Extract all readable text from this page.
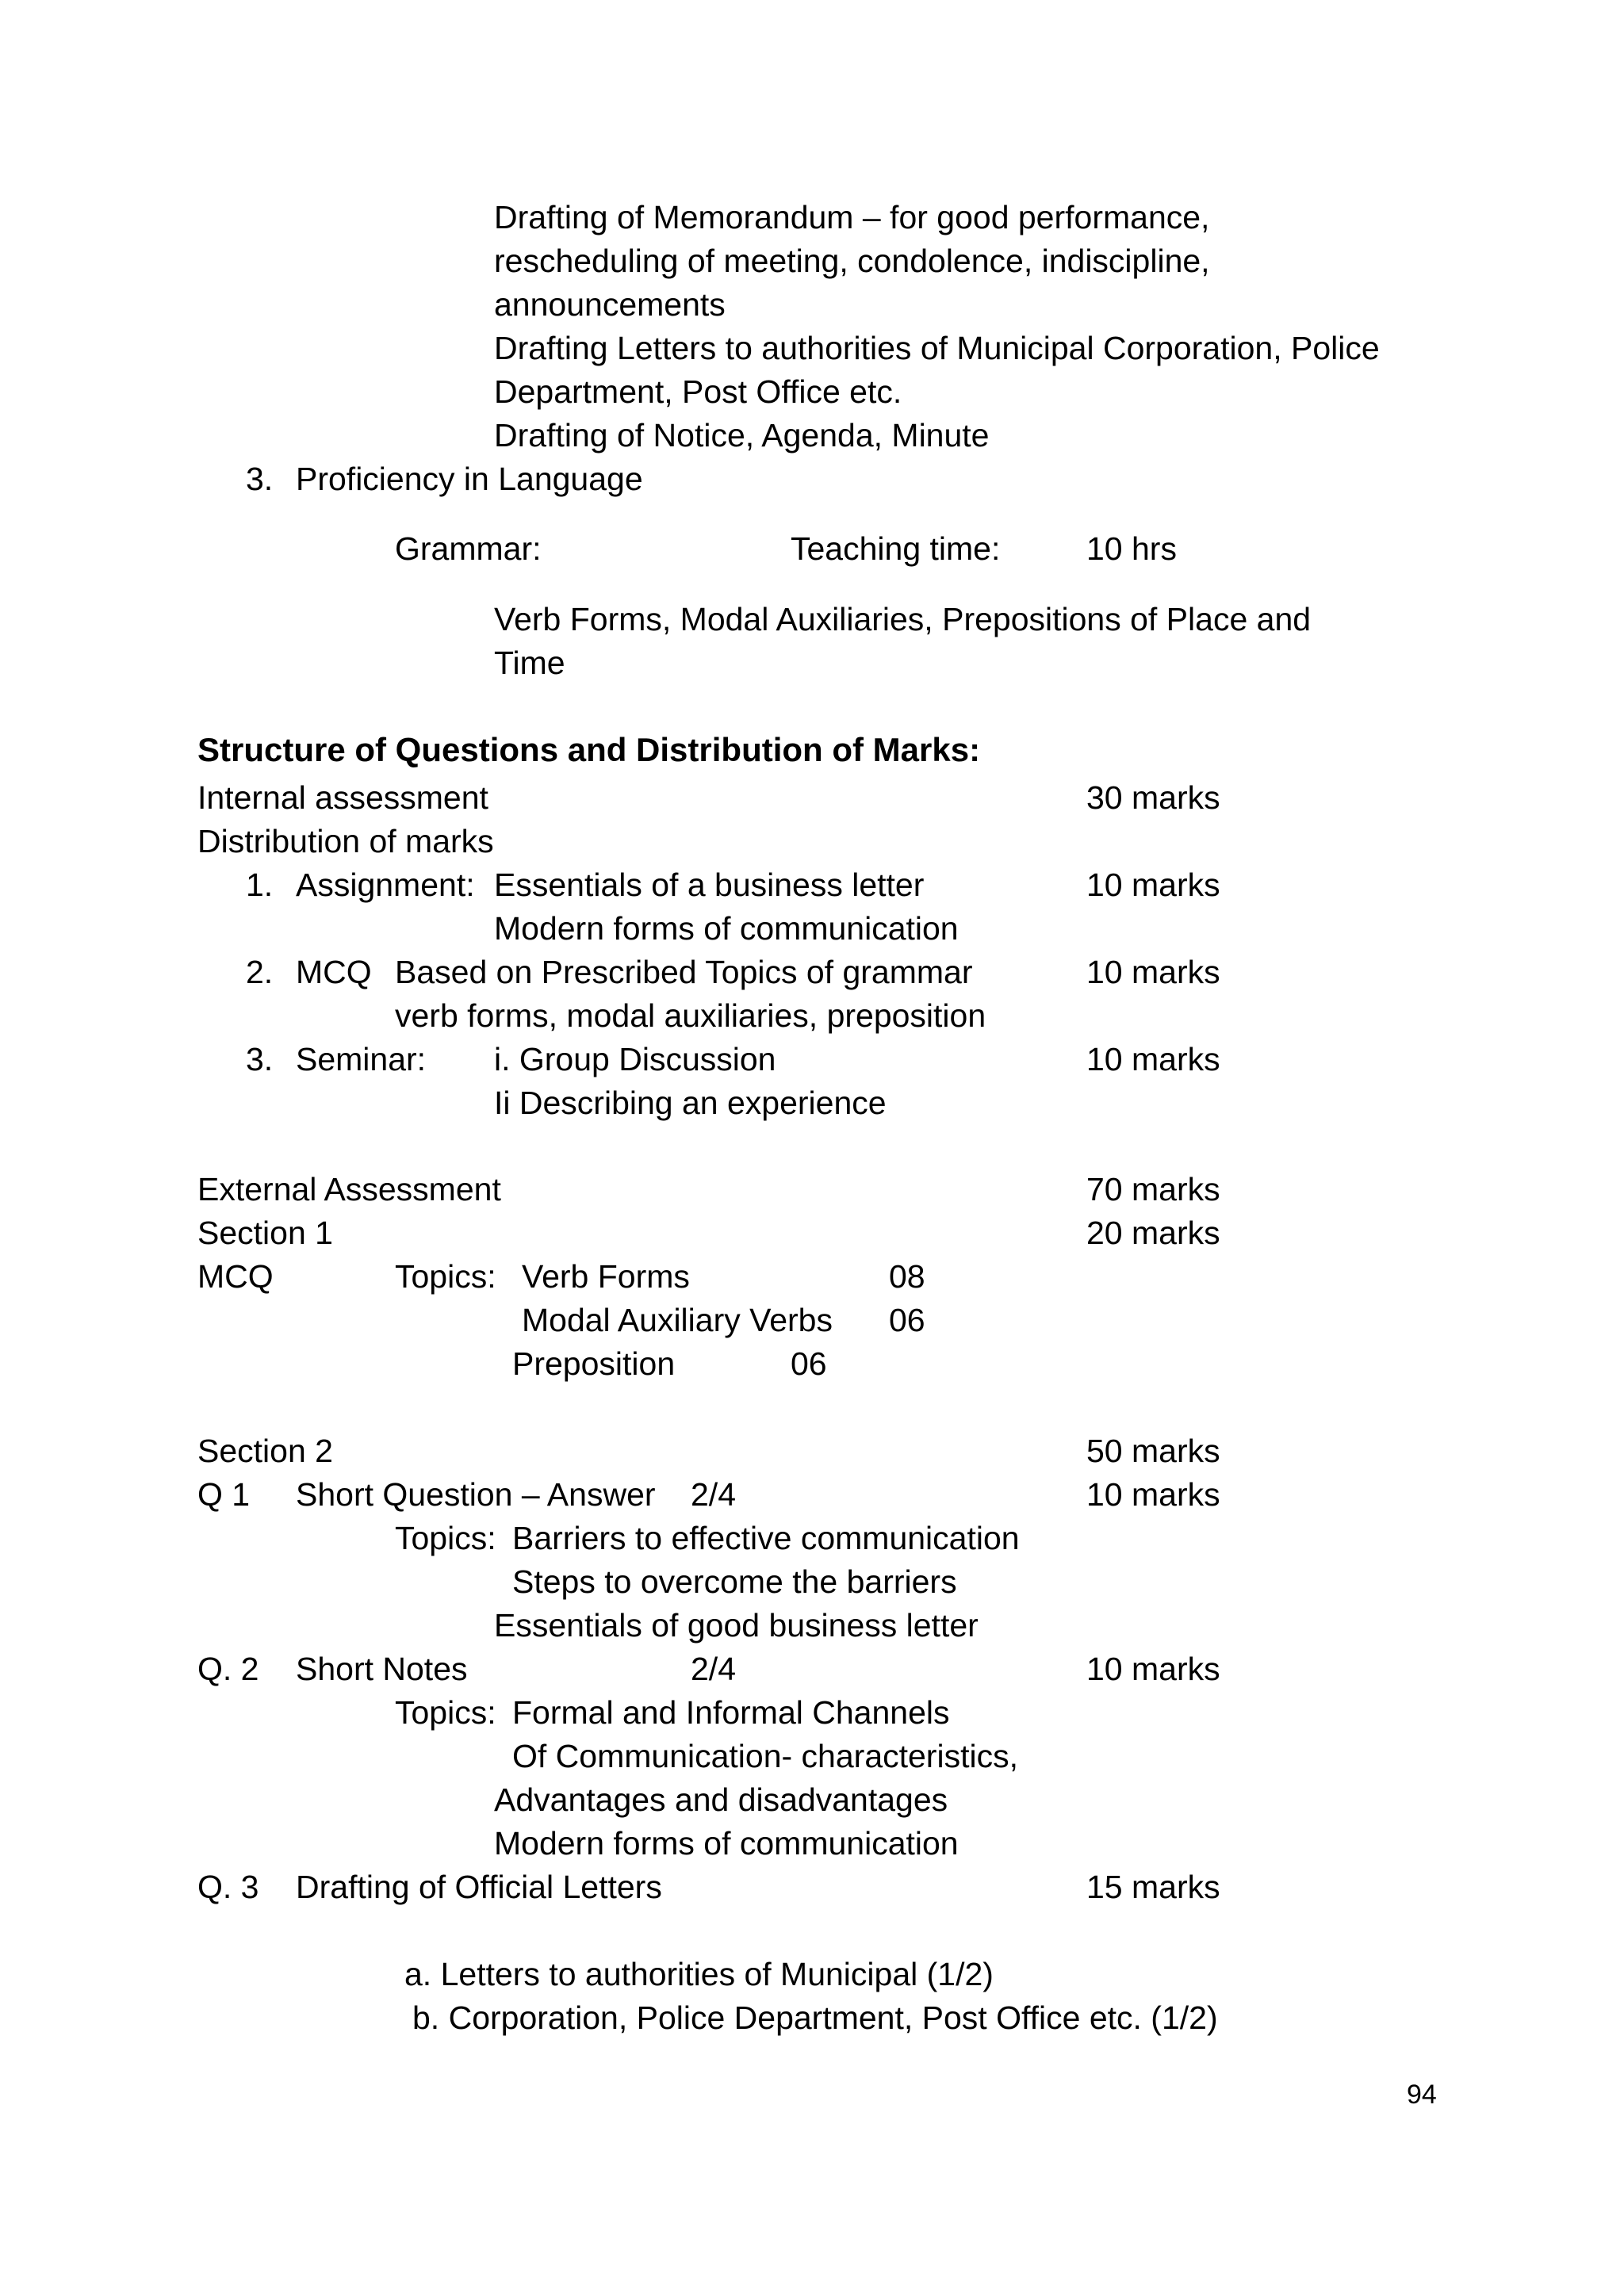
Drafting of Memorandum – for good performance,
rescheduling of meeting, condolence, indiscipline,
announcements
Drafting Letters to authorities of Municipal Corporation, Police
Department, Post Office etc.
Drafting of Notice, Agenda, Minute
3. Proficiency in Language
Grammar:	Teaching time:	10 hrs
Verb Forms, Modal Auxiliaries, Prepositions of Place and
Time
Structure of Questions and Distribution of Marks:
Internal assessment	30 marks
Distribution of marks
1. Assignment: Essentials of a business letter	10 marks
Modern forms of communication
2. MCQ Based on Prescribed Topics of grammar	10 marks
verb forms, modal auxiliaries, preposition
3. Seminar: i. Group Discussion	10 marks
Ii Describing an experience
External Assessment	70 marks
Section 1	20 marks
MCQ	Topics: Verb Forms	08
Modal Auxiliary Verbs 06
Preposition	06
Section 2	50 marks
Q 1 Short Question – Answer 2/4	10 marks
Topics: Barriers to effective communication
Steps to overcome the barriers
Essentials of good business letter
Q. 2 Short Notes	2/4	10 marks
Topics: Formal and Informal Channels
Of Communication- characteristics,
Advantages and disadvantages
Modern forms of communication
Q. 3 Drafting of Official Letters	15 marks
a. Letters to authorities of Municipal (1/2)
b. Corporation, Police Department, Post Office etc. (1/2)
94
